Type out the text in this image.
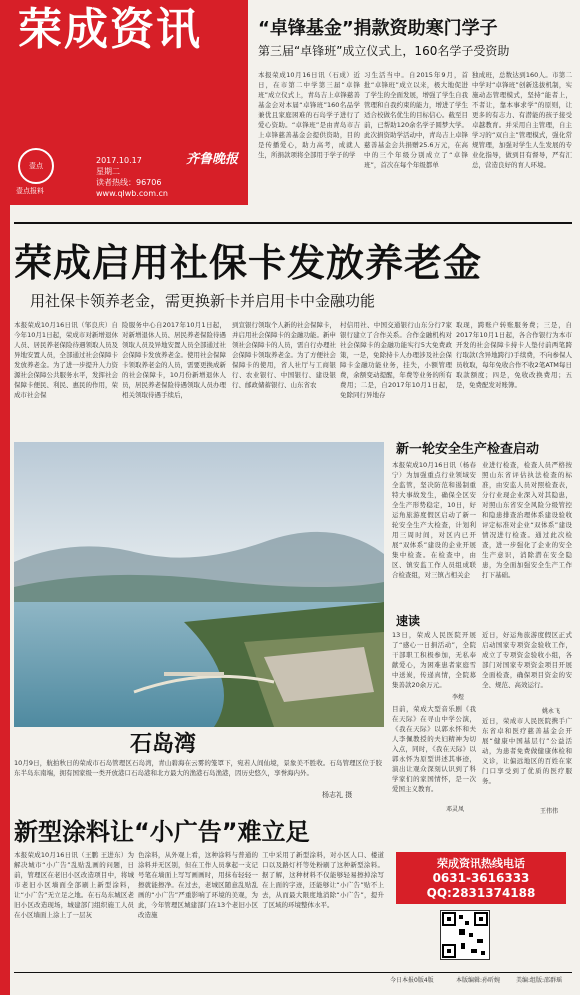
荣成资讯
壹点
壹点报料
2017.10.17
星期二
读者热线：96706
www.qlwb.com.cn
齐鲁晚报
“卓锋基金”捐款资助寒门学子
第三届“卓锋班”成立仪式上，160名学子受资助
本报荣成10月16日讯（石成）近日，在市第二中学第三届“卓锋班”成立仪式上，青岛吉上卓锋慈善基金会对本届“卓锋班”160名品学兼优且家庭困难的石岛学子进行了爱心资助。“卓锋班”是由青岛市吉上卓锋慈善基金会提供资助，目的是传播爱心，助力高考，成就人生，所捐款项将全部用于学子的学
习生活当中。自2015年9月，首批“卓锋班”成立以来，极大地促进了学生的全面发展，增强了学生自我管理和自我约束的能力，增进了学生适合校做名优生的目标信心。截至目前，已帮助120余名学子圆梦大学。此次捐资助学活动中，青岛吉上卓锋慈善基金会共捐赠25.6万元，在高中的三个年级分别成立了“卓锋班”，首次在每个年级都单
独成班，总数达到160人。市第二中学对“卓锋班”创新选拔机制，实施动态管理模式，坚持“能者上，不者让，靠本事求学”的原则，让更多的有志力、有潜能的孩子接受卓越教育。并采用自主管理，自主学习的“双自主”管理模式，强化常规管理，加强对学生人生发展的专业化指导，做到目有督导，严有汇总，营造良好的育人环境。
荣成启用社保卡发放养老金
用社保卡领养老金，需更换新卡并启用卡中金融功能
本报荣成10月16日讯（邹良庆）自今年10月1日起，荣成市对新增退休人员、居民养老保险待遇领取人员及异地安置人员，全部通过社会保障卡发放养老金。为了进一步提升人力资源社会保障公共服务水平，发挥社会保障卡便民、利民、惠民的作用，荣成市社会保
险服务中心自2017年10月1日起，对新增退休人员、居民养老保险待遇领取人员及异地安置人员全部通过社会保障卡发放养老金。使用社会保障卡领取养老金的人员，需要更换成新的社会保障卡，10月份新增退休人员，居民养老保险待遇领取人员办理相关领取待遇手续后，
到宣银行领取个人新的社会保障卡，并启用社会保障卡的金融功能。新申领社会保障卡的人员，需自行办理社会保障卡领取养老金。为了方便社会保障卡的使用，省人社厅与工商银行、农业银行、中国银行、建设银行、邮政储蓄银行、山东省农
村信用社、中国交通银行山东分行7家银行建立了合作关系。合作金融机构对社会保障卡的金融功能实行5大免费政策，一是，免除持卡人办理涉及社会保障卡金融功能业务，挂失，小额管理费，余额变动提醒，年费等业务的所有费用；二是，自2017年10月1日起，免除同行异地存
取现，跨账户转账服务费；三是，自2017年10月1日起，各合作银行为本市开发的社会保障卡持卡人垫付前两笔跨行取款(含异地跨行)手续费，不向参保人员收取，每年免收合作不收2笔ATM每日取款额度；四是，免收改换费用；五是，免费配发对账簿。
石岛湾
10月9日，航拍秋日的荣成市石岛管理区石岛湾，青山碧海在云雾的笼罩下，宛若人间仙境，景象美不胜收。石岛管理区位于胶东半岛东南端，拥有国家级一类开放港口石岛港和北方最大的渔港石岛渔港，因历史悠久，享誉海内外。
杨志礼 摄
新一轮安全生产检查启动
本报荣成10月16日讯（杨春宁）为加强重点行业领域安全监管，坚决防范和遏制重特大事故发生，确保全区安全生产形势稳定，10日，好运角旅游度假区启动了新一轮安全生产大检查，计划利用三周时间，对区内已开展“双体系”建设的企业开展集中检查。在检查中，由区、镇安监工作人员组成联合检查组，对三镇占相关企
业进行检查，检查人员严格按照山东省评估执法检查的标准，由安监人员对照检查表，分行业现企业深入对其隐患，对照山东省安全风险分级管控和隐患排查治理体系建设验收评定标准对企业“双体系”建设情况进行检查。通过此次检查，进一步强化了企业的安全生产意识，消除潜在安全隐患，为全面加强安全生产工作打下基础。
速读
13日，荣成人民医院开展了“感心一日捐活动”，全院干部职工积极参加，无私奉献爱心，为困难患者家庭雪中送炭，传递真情，全院募集善款20余万元。
李煜
目前，荣成大型音乐剧《我在天际》在寻山中学公演，《我在天际》以郭永怀和夫人李佩教授的夫妇精神为切入点，同时，《我在天际》以郭永怀为原型讲述其事迹，演出让观众深刻认识到了科学家们的家国情怀，是一次爱国主义教育。
邓灵凤
近日，好运角旅游度假区正式启动国家专项资金验收工作，成立了专项资金验收小组，各部门对国家专项资金项目开展全面检查，确保项目资金的安全、规范、高效运行。
姚永飞
近日，荣成市人民医院携手广东省卓和医疗慈善基金会开展“健康中国基层行”公益活动，为患者免费做健康体检和义诊，让偏远地区的百姓在家门口享受到了优质的医疗服务。
王伟伟
新型涂料让“小广告”难立足
本报荣成10月16日讯（王鹏 王进东）为解决城市“小广告”乱贴乱画的问题，日前，管理区在老旧小区改造项目中，将城市老旧小区墙面全部刷上新型涂料，让“小广告”无立足之地。在石岛东城区老旧小区改造现场，城建部门组织施工人员在小区墙面上涂上了一层灰
色涂料，从外观上看，这种涂料与普通的涂料并无区别，但在工作人员拿起一支记号笔在墙面上写写画画时，用抹布轻轻一擦就能擦净。在过去，老城区随意乱贴乱画的“小广告”严重影响了环境的美观，为此，今年管理区城建部门在13个老旧小区改造施
工中采用了新型涂料，对小区人口、楼道口以及路灯杆等处粉刷了这种新型涂料。据了解，这种材料不仅能够轻易擦掉涂写在上面的字迹，还能够让“小广告”贴不上去，从而最大限度地消除“小广告”，提升了区域的环境整体水平。
荣成资讯热线电话
0631-3616333
QQ:2831374188
今日本报0版4版	本版编辑:孙昕婉	美编:组版:邵群瑶
